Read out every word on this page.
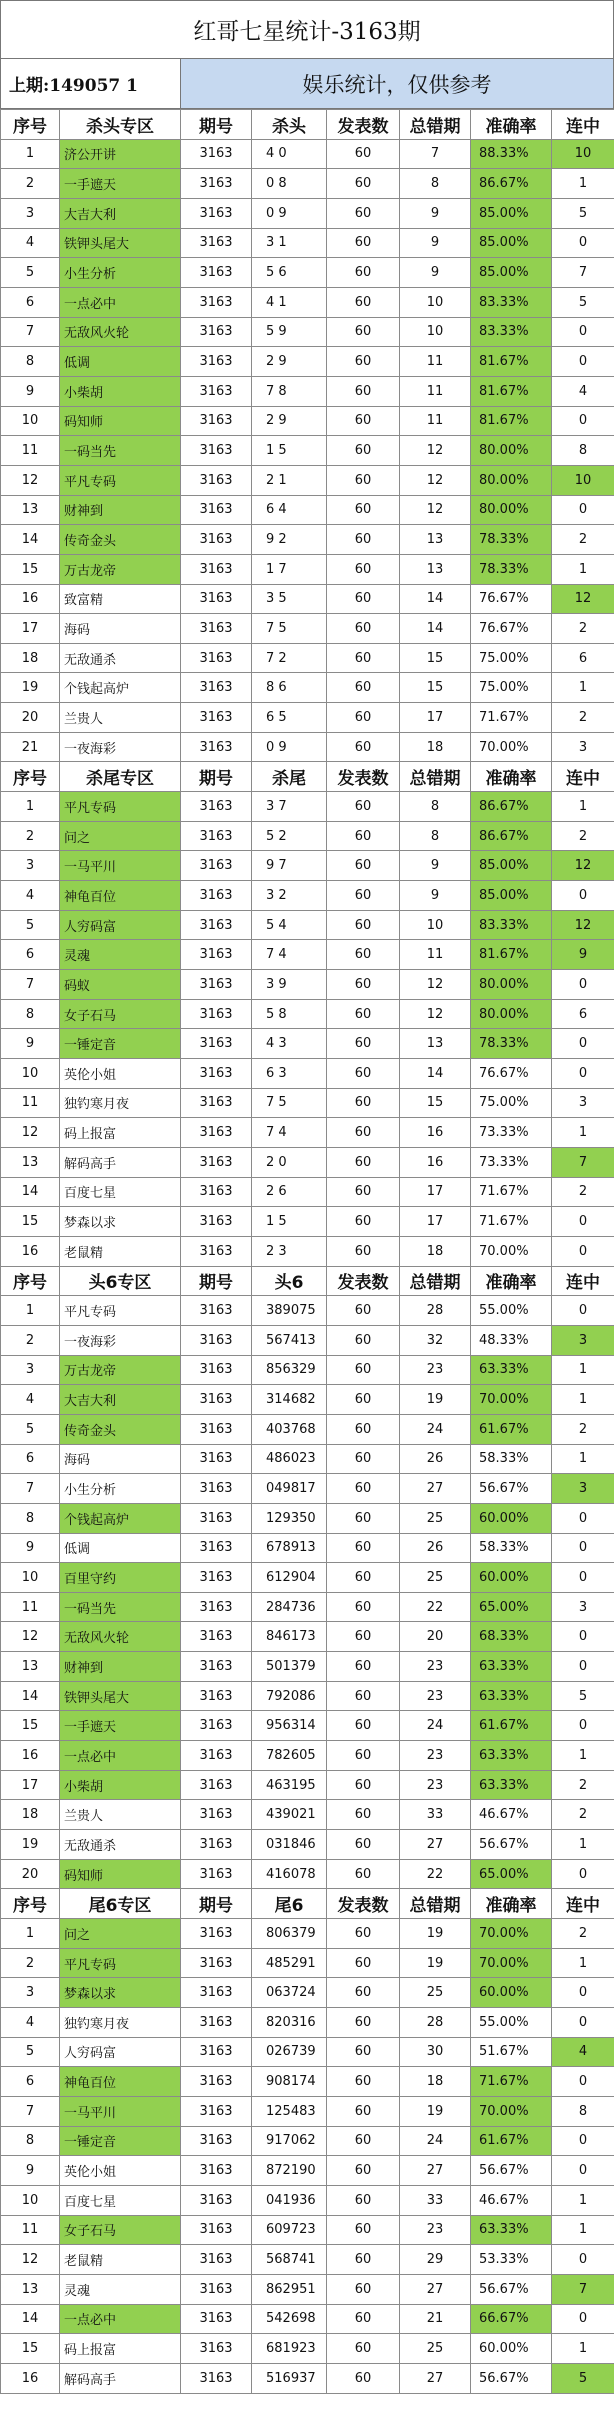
红哥七星统计-3163期
上期:149057 1	娱乐统计，仅供参考
序号	杀头专区	期号	杀头	发表数	总错期	准确率	连中
1	济公开讲	3163	4 0	60	7	88.33%	10
2	一手遮天	3163	0 8	60	8	86.67%	1
3	大吉大利	3163	0 9	60	9	85.00%	5
4	铁钾头尾大	3163	3 1	60	9	85.00%	0
5	小生分析	3163	5 6	60	9	85.00%	7
6	一点必中	3163	4 1	60	10	83.33%	5
7	无敌风火轮	3163	5 9	60	10	83.33%	0
8	低调	3163	2 9	60	11	81.67%	0
9	小柴胡	3163	7 8	60	11	81.67%	4
10	码知师	3163	2 9	60	11	81.67%	0
11	一码当先	3163	1 5	60	12	80.00%	8
12	平凡专码	3163	2 1	60	12	80.00%	10
13	财神到	3163	6 4	60	12	80.00%	0
14	传奇金头	3163	9 2	60	13	78.33%	2
15	万古龙帝	3163	1 7	60	13	78.33%	1
16	致富精	3163	3 5	60	14	76.67%	12
17	海码	3163	7 5	60	14	76.67%	2
18	无敌通杀	3163	7 2	60	15	75.00%	6
19	个钱起高炉	3163	8 6	60	15	75.00%	1
20	兰贵人	3163	6 5	60	17	71.67%	2
21	一夜海彩	3163	0 9	60	18	70.00%	3
序号	杀尾专区	期号	杀尾	发表数	总错期	准确率	连中
1	平凡专码	3163	3 7	60	8	86.67%	1
2	问之	3163	5 2	60	8	86.67%	2
3	一马平川	3163	9 7	60	9	85.00%	12
4	神龟百位	3163	3 2	60	9	85.00%	0
5	人穷码富	3163	5 4	60	10	83.33%	12
6	灵魂	3163	7 4	60	11	81.67%	9
7	码蚁	3163	3 9	60	12	80.00%	0
8	女子石马	3163	5 8	60	12	80.00%	6
9	一锤定音	3163	4 3	60	13	78.33%	0
10	英伦小姐	3163	6 3	60	14	76.67%	0
11	独钓寒月夜	3163	7 5	60	15	75.00%	3
12	码上报富	3163	7 4	60	16	73.33%	1
13	解码高手	3163	2 0	60	16	73.33%	7
14	百度七星	3163	2 6	60	17	71.67%	2
15	梦森以求	3163	1 5	60	17	71.67%	0
16	老鼠精	3163	2 3	60	18	70.00%	0
序号	头6专区	期号	头6	发表数	总错期	准确率	连中
1	平凡专码	3163	389075	60	28	55.00%	0
2	一夜海彩	3163	567413	60	32	48.33%	3
3	万古龙帝	3163	856329	60	23	63.33%	1
4	大吉大利	3163	314682	60	19	70.00%	1
5	传奇金头	3163	403768	60	24	61.67%	2
6	海码	3163	486023	60	26	58.33%	1
7	小生分析	3163	049817	60	27	56.67%	3
8	个钱起高炉	3163	129350	60	25	60.00%	0
9	低调	3163	678913	60	26	58.33%	0
10	百里守约	3163	612904	60	25	60.00%	0
11	一码当先	3163	284736	60	22	65.00%	3
12	无敌风火轮	3163	846173	60	20	68.33%	0
13	财神到	3163	501379	60	23	63.33%	0
14	铁钾头尾大	3163	792086	60	23	63.33%	5
15	一手遮天	3163	956314	60	24	61.67%	0
16	一点必中	3163	782605	60	23	63.33%	1
17	小柴胡	3163	463195	60	23	63.33%	2
18	兰贵人	3163	439021	60	33	46.67%	2
19	无敌通杀	3163	031846	60	27	56.67%	1
20	码知师	3163	416078	60	22	65.00%	0
序号	尾6专区	期号	尾6	发表数	总错期	准确率	连中
1	问之	3163	806379	60	19	70.00%	2
2	平凡专码	3163	485291	60	19	70.00%	1
3	梦森以求	3163	063724	60	25	60.00%	0
4	独钓寒月夜	3163	820316	60	28	55.00%	0
5	人穷码富	3163	026739	60	30	51.67%	4
6	神龟百位	3163	908174	60	18	71.67%	0
7	一马平川	3163	125483	60	19	70.00%	8
8	一锤定音	3163	917062	60	24	61.67%	0
9	英伦小姐	3163	872190	60	27	56.67%	0
10	百度七星	3163	041936	60	33	46.67%	1
11	女子石马	3163	609723	60	23	63.33%	1
12	老鼠精	3163	568741	60	29	53.33%	0
13	灵魂	3163	862951	60	27	56.67%	7
14	一点必中	3163	542698	60	21	66.67%	0
15	码上报富	3163	681923	60	25	60.00%	1
16	解码高手	3163	516937	60	27	56.67%	5
